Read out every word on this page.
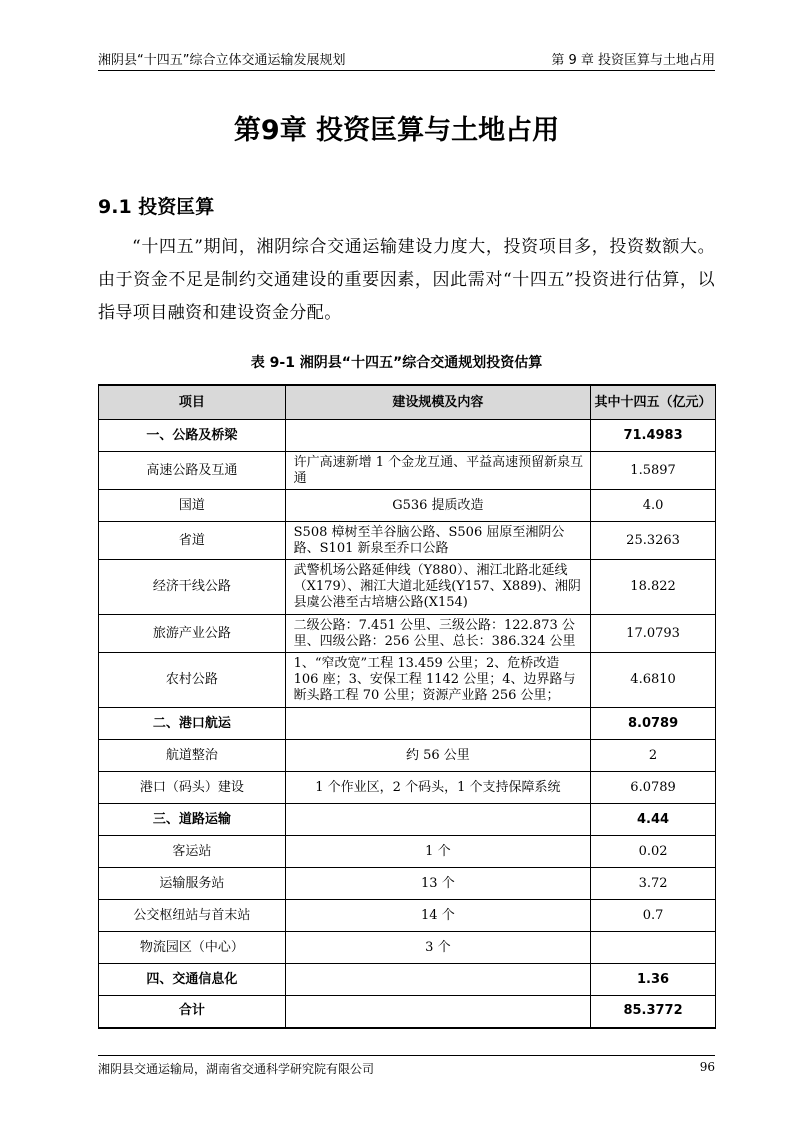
湘阴县“十四五”综合立体交通运输发展规划	第 9 章 投资匡算与土地占用
第9章 投资匡算与土地占用
9.1 投资匡算
“十四五”期间，湘阴综合交通运输建设力度大，投资项目多，投资数额大。由于资金不足是制约交通建设的重要因素，因此需对“十四五”投资进行估算，以指导项目融资和建设资金分配。
表 9-1 湘阴县“十四五”综合交通规划投资估算
项目	建设规模及内容	其中十四五（亿元）
一、公路及桥梁		71.4983
高速公路及互通	许广高速新增 1 个金龙互通、平益高速预留新泉互通	1.5897
国道	G536 提质改造	4.0
省道	S508 樟树至羊谷脑公路、S506 屈原至湘阴公路、S101 新泉至乔口公路	25.3263
经济干线公路	武警机场公路延伸线（Y880）、湘江北路北延线（X179）、湘江大道北延线(Y157、X889)、湘阴县虞公港至古培塘公路(X154)	18.822
旅游产业公路	二级公路：7.451 公里、三级公路：122.873 公里、四级公路：256 公里、总长：386.324 公里	17.0793
农村公路	1、“窄改宽”工程 13.459 公里；2、危桥改造 106 座；3、安保工程 1142 公里；4、边界路与断头路工程 70 公里；资源产业路 256 公里；	4.6810
二、港口航运		8.0789
航道整治	约 56 公里	2
港口（码头）建设	1 个作业区，2 个码头，1 个支持保障系统	6.0789
三、道路运输		4.44
客运站	1 个	0.02
运输服务站	13 个	3.72
公交枢纽站与首末站	14 个	0.7
物流园区（中心）	3 个	
四、交通信息化		1.36
合计		85.3772
湘阴县交通运输局，湖南省交通科学研究院有限公司	96
